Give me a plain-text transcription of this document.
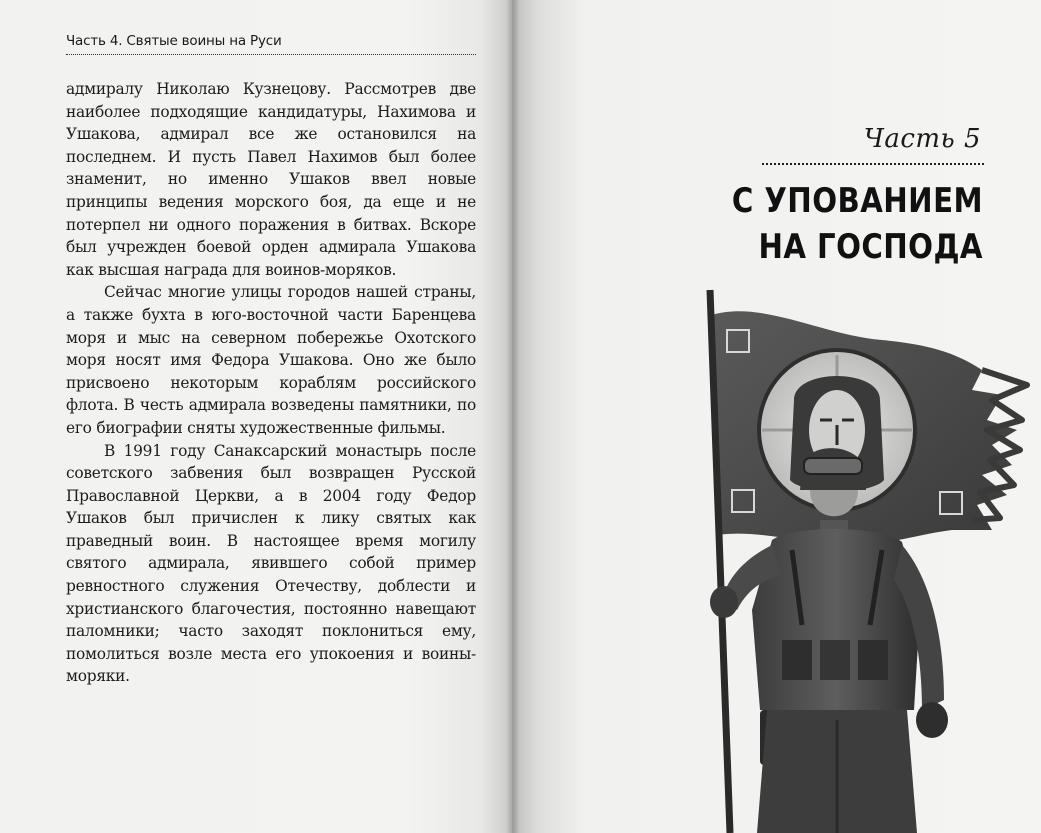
Часть 4. Святые воины на Руси

адмиралу Николаю Кузнецову. Рассмотрев две наиболее подходящие кандидатуры, Нахимова и Ушакова, адмирал все же остановился на последнем. И пусть Павел Нахимов был более знаменит, но именно Ушаков ввел новые принципы ведения морского боя, да еще и не потерпел ни одного поражения в битвах. Вскоре был учрежден боевой орден адмирала Ушакова как высшая награда для воинов-моряков.

Сейчас многие улицы городов нашей страны, а также бухта в юго-восточной части Баренцева моря и мыс на северном побережье Охотского моря носят имя Федора Ушакова. Оно же было присвоено некоторым кораблям российского флота. В честь адмирала возведены памятники, по его биографии сняты художественные фильмы.

В 1991 году Санаксарский монастырь после советского забвения был возвращен Русской Православной Церкви, а в 2004 году Федор Ушаков был причислен к лику святых как праведный воин. В настоящее время могилу святого адмирала, явившего собой пример ревностного служения Отечеству, доблести и христианского благочестия, постоянно навещают паломники; часто заходят поклониться ему, помолиться возле места его упокоения и воины-моряки.

Часть 5
С УПОВАНИЕМ
НА ГОСПОДА
